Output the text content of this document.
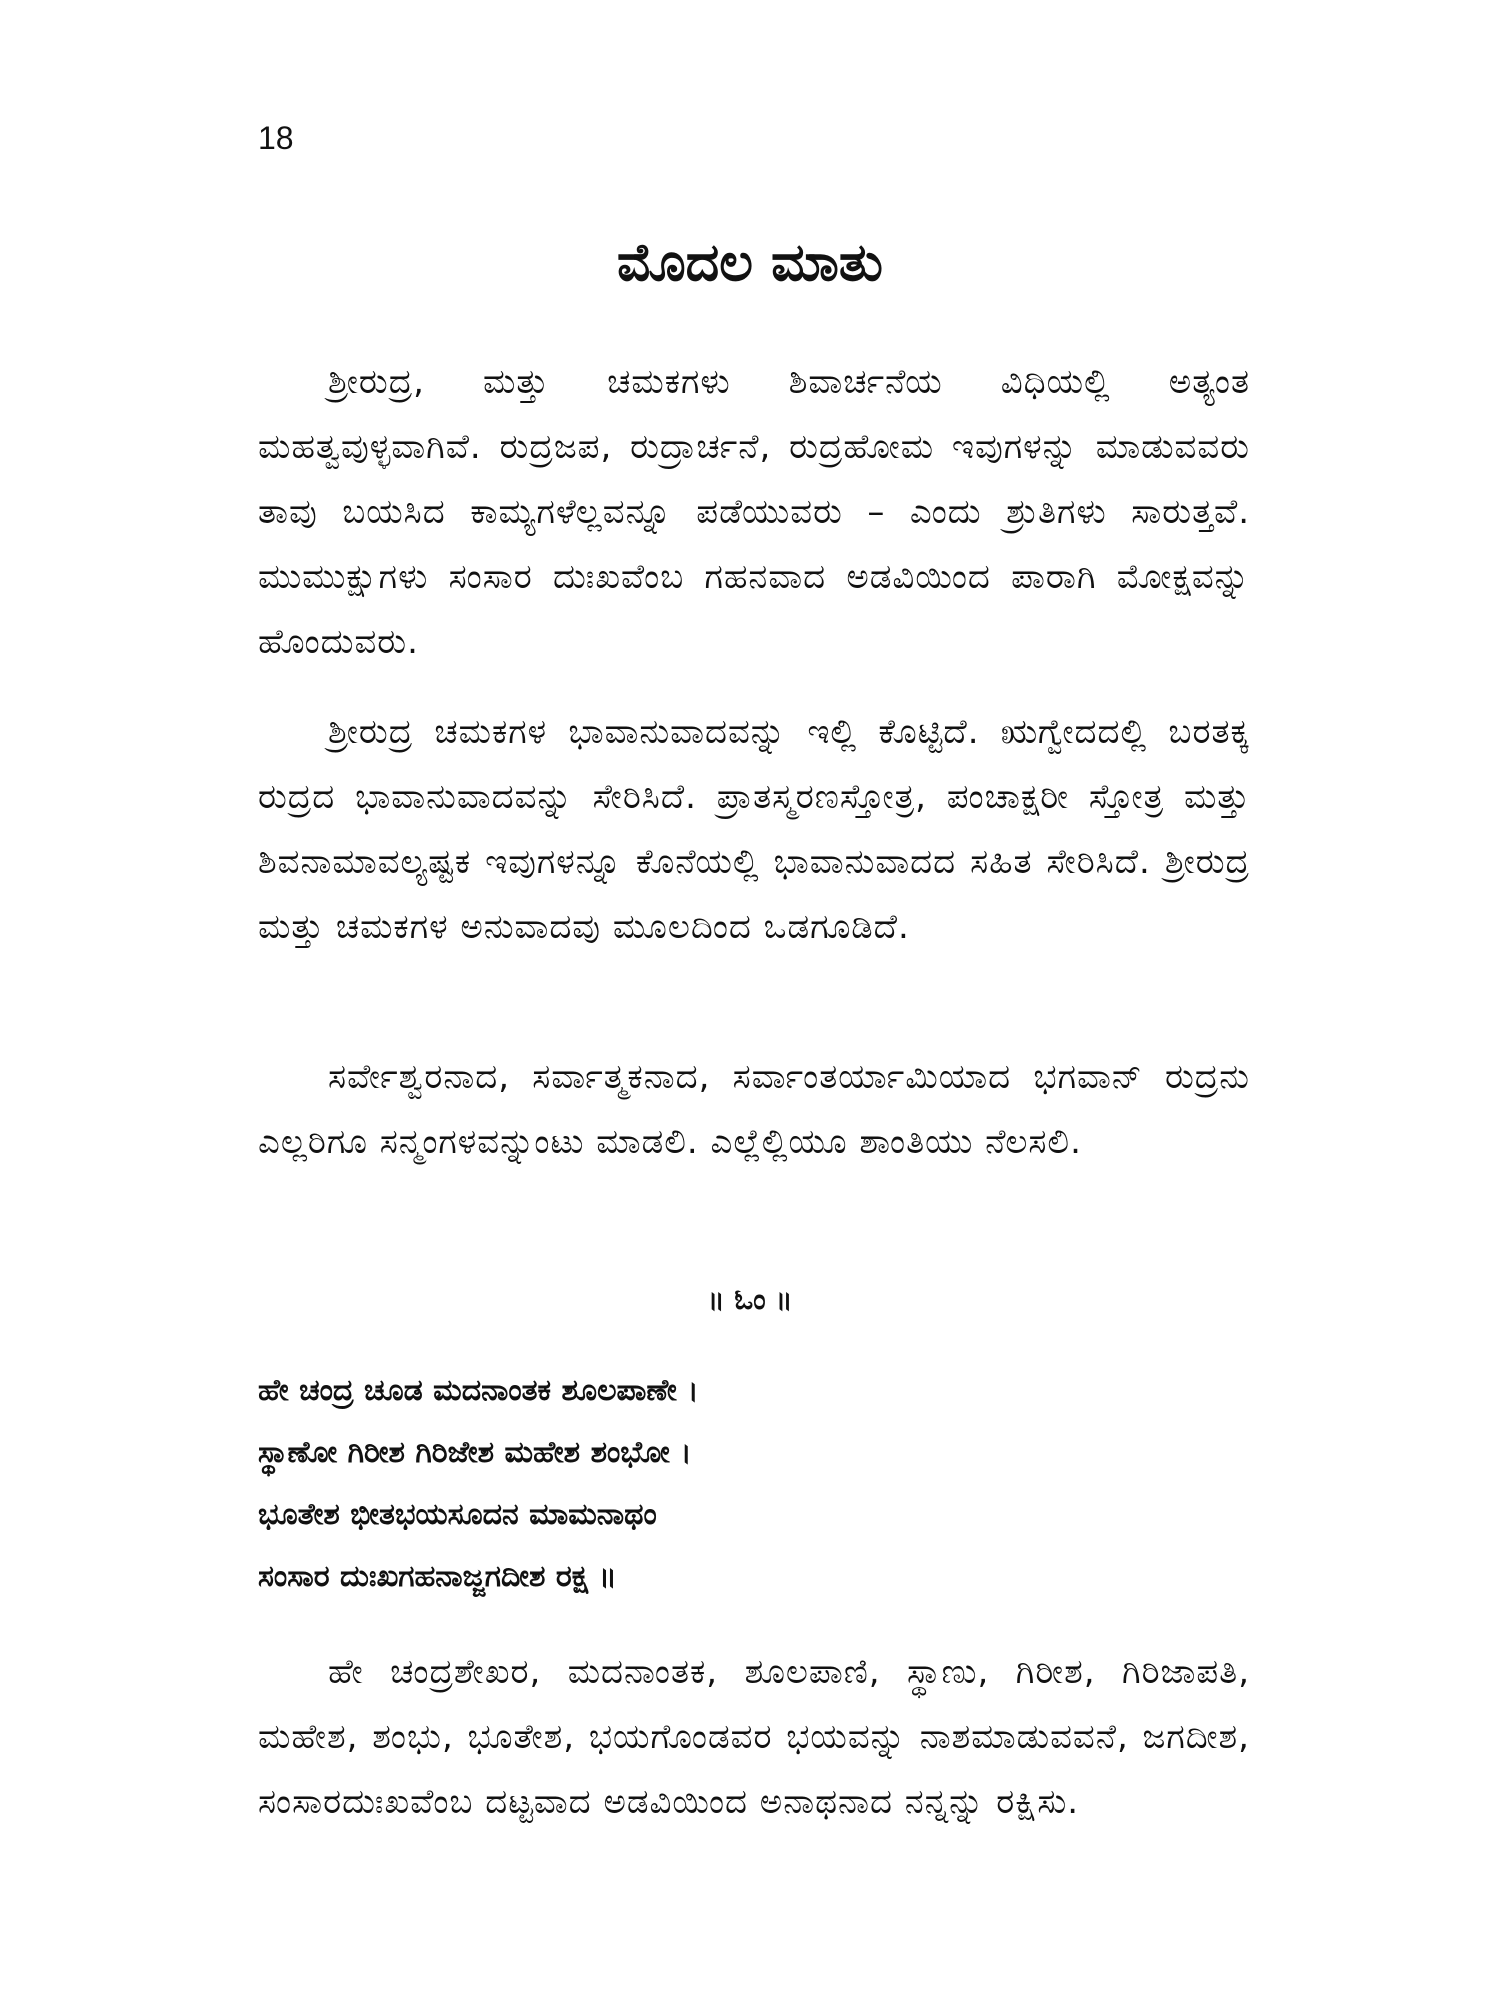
18
ಮೊದಲ ಮಾತು

ಶ್ರೀರುದ್ರ, ಮತ್ತು ಚಮಕಗಳು ಶಿವಾರ್ಚನೆಯ ವಿಧಿಯಲ್ಲಿ ಅತ್ಯಂತ ಮಹತ್ವವುಳ್ಳವಾಗಿವೆ. ರುದ್ರಜಪ, ರುದ್ರಾರ್ಚನೆ, ರುದ್ರಹೋಮ ಇವುಗಳನ್ನು ಮಾಡುವವರು ತಾವು ಬಯಸಿದ ಕಾಮ್ಯಗಳೆಲ್ಲವನ್ನೂ ಪಡೆಯುವರು – ಎಂದು ಶ್ರುತಿಗಳು ಸಾರುತ್ತವೆ. ಮುಮುಕ್ಷುಗಳು ಸಂಸಾರ ದುಃಖವೆಂಬ ಗಹನವಾದ ಅಡವಿಯಿಂದ ಪಾರಾಗಿ ಮೋಕ್ಷವನ್ನು ಹೊಂದುವರು.

ಶ್ರೀರುದ್ರ ಚಮಕಗಳ ಭಾವಾನುವಾದವನ್ನು ಇಲ್ಲಿ ಕೊಟ್ಟಿದೆ. ಋಗ್ವೇದದಲ್ಲಿ ಬರತಕ್ಕ ರುದ್ರದ ಭಾವಾನುವಾದವನ್ನು ಸೇರಿಸಿದೆ. ಪ್ರಾತಸ್ಮರಣಸ್ತೋತ್ರ, ಪಂಚಾಕ್ಷರೀ ಸ್ತೋತ್ರ ಮತ್ತು ಶಿವನಾಮಾವಲ್ಯಷ್ಟಕ ಇವುಗಳನ್ನೂ ಕೊನೆಯಲ್ಲಿ ಭಾವಾನುವಾದದ ಸಹಿತ ಸೇರಿಸಿದೆ. ಶ್ರೀರುದ್ರ ಮತ್ತು ಚಮಕಗಳ ಅನುವಾದವು ಮೂಲದಿಂದ ಒಡಗೂಡಿದೆ.

ಸರ್ವೇಶ್ವರನಾದ, ಸರ್ವಾತ್ಮಕನಾದ, ಸರ್ವಾಂತರ್ಯಾಮಿಯಾದ ಭಗವಾನ್ ರುದ್ರನು ಎಲ್ಲರಿಗೂ ಸನ್ಮಂಗಳವನ್ನುಂಟು ಮಾಡಲಿ. ಎಲ್ಲೆಲ್ಲಿಯೂ ಶಾಂತಿಯು ನೆಲಸಲಿ.

॥ ಓಂ ॥
ಹೇ ಚಂದ್ರ ಚೂಡ ಮದನಾಂತಕ ಶೂಲಪಾಣೇ ।
ಸ್ಥಾಣೋ ಗಿರೀಶ ಗಿರಿಜೇಶ ಮಹೇಶ ಶಂಭೋ ।
ಭೂತೇಶ ಭೀತಭಯಸೂದನ ಮಾಮನಾಥಂ
ಸಂಸಾರ ದುಃಖಗಹನಾಜ್ಜಗದೀಶ ರಕ್ಷ ॥

ಹೇ ಚಂದ್ರಶೇಖರ, ಮದನಾಂತಕ, ಶೂಲಪಾಣಿ, ಸ್ಥಾಣು, ಗಿರೀಶ, ಗಿರಿಜಾಪತಿ, ಮಹೇಶ, ಶಂಭು, ಭೂತೇಶ, ಭಯಗೊಂಡವರ ಭಯವನ್ನು ನಾಶಮಾಡುವವನೆ, ಜಗದೀಶ, ಸಂಸಾರದುಃಖವೆಂಬ ದಟ್ಟವಾದ ಅಡವಿಯಿಂದ ಅನಾಥನಾದ ನನ್ನನ್ನು ರಕ್ಷಿಸು.
